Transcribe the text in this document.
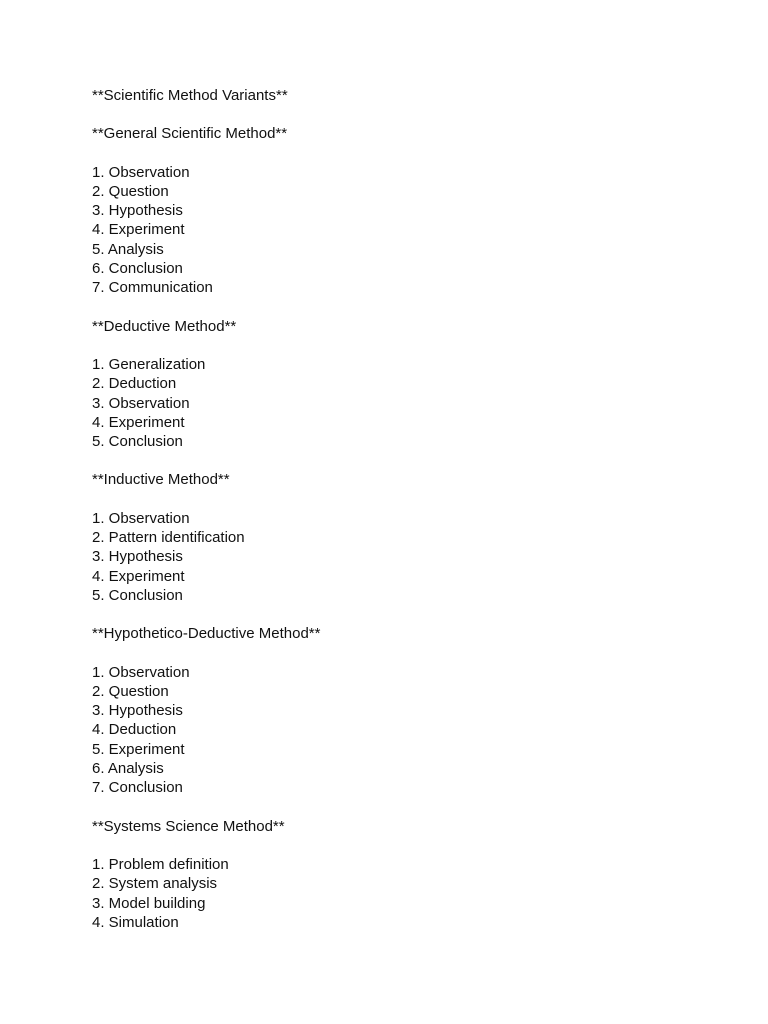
**Scientific Method Variants**
**General Scientific Method**
1. Observation
2. Question
3. Hypothesis
4. Experiment
5. Analysis
6. Conclusion
7. Communication
**Deductive Method**
1. Generalization
2. Deduction
3. Observation
4. Experiment
5. Conclusion
**Inductive Method**
1. Observation
2. Pattern identification
3. Hypothesis
4. Experiment
5. Conclusion
**Hypothetico-Deductive Method**
1. Observation
2. Question
3. Hypothesis
4. Deduction
5. Experiment
6. Analysis
7. Conclusion
**Systems Science Method**
1. Problem definition
2. System analysis
3. Model building
4. Simulation
